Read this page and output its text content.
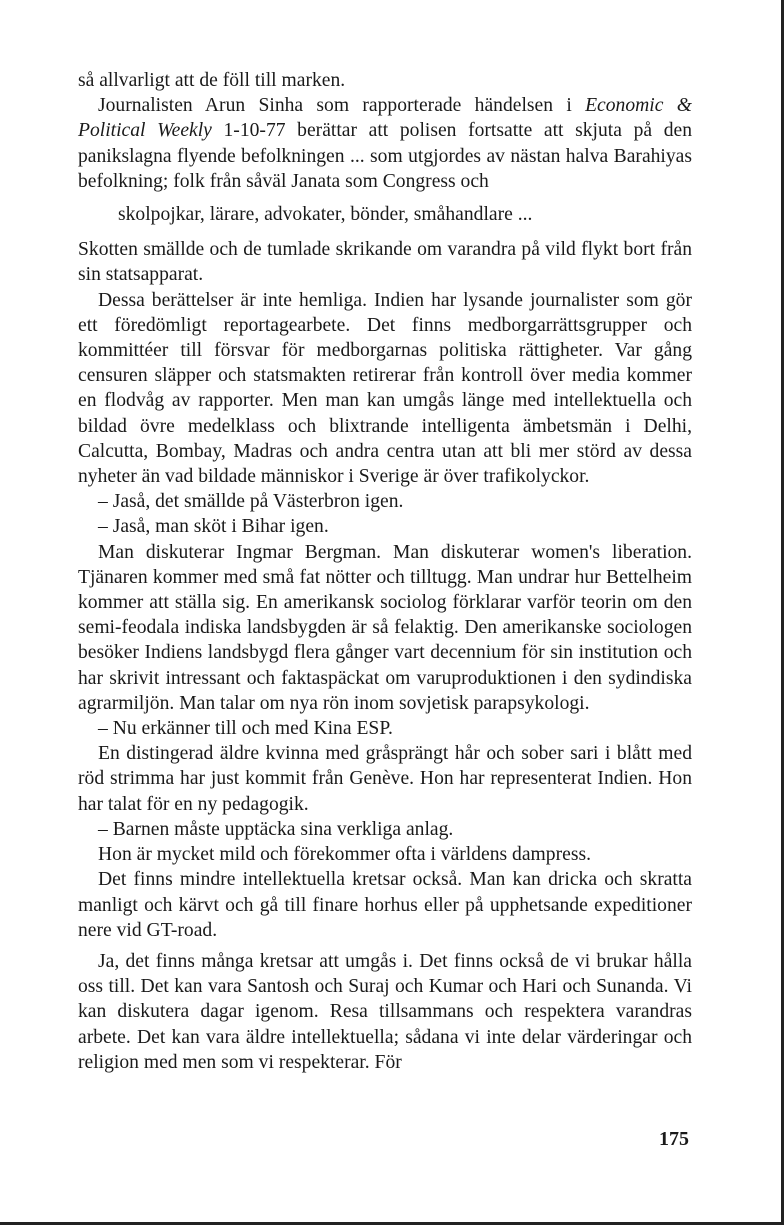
så allvarligt att de föll till marken.

Journalisten Arun Sinha som rapporterade händelsen i Economic & Political Weekly 1-10-77 berättar att polisen fortsatte att skjuta på den panikslagna flyende befolkningen ... som utgjordes av nästan halva Barahiyas befolkning; folk från såväl Janata som Congress och

skolpojkar, lärare, advokater, bönder, småhandlare ...

Skotten smällde och de tumlade skrikande om varandra på vild flykt bort från sin statsapparat.

Dessa berättelser är inte hemliga. Indien har lysande journalister som gör ett föredömligt reportagearbete. Det finns medborgarrättsgrupper och kommittéer till försvar för medborgarnas politiska rättigheter. Var gång censuren släpper och statsmakten retirerar från kontroll över media kommer en flodvåg av rapporter. Men man kan umgås länge med intellektuella och bildad övre medelklass och blixtrande intelligenta ämbetsmän i Delhi, Calcutta, Bombay, Madras och andra centra utan att bli mer störd av dessa nyheter än vad bildade människor i Sverige är över trafikolyckor.

– Jaså, det smällde på Västerbron igen.

– Jaså, man sköt i Bihar igen.

Man diskuterar Ingmar Bergman. Man diskuterar women's liberation. Tjänaren kommer med små fat nötter och tilltugg. Man undrar hur Bettelheim kommer att ställa sig. En amerikansk sociolog förklarar varför teorin om den semi-feodala indiska landsbygden är så felaktig. Den amerikanske sociologen besöker Indiens landsbygd flera gånger vart decennium för sin institution och har skrivit intressant och faktaspäckat om varuproduktionen i den sydindiska agrarmiljön. Man talar om nya rön inom sovjetisk parapsykologi.

– Nu erkänner till och med Kina ESP.

En distingerad äldre kvinna med gråsprängt hår och sober sari i blått med röd strimma har just kommit från Genève. Hon har representerat Indien. Hon har talat för en ny pedagogik.

– Barnen måste upptäcka sina verkliga anlag.

Hon är mycket mild och förekommer ofta i världens dampress.

Det finns mindre intellektuella kretsar också. Man kan dricka och skratta manligt och kärvt och gå till finare horhus eller på upphetsande expeditioner nere vid GT-road.

Ja, det finns många kretsar att umgås i. Det finns också de vi brukar hålla oss till. Det kan vara Santosh och Suraj och Kumar och Hari och Sunanda. Vi kan diskutera dagar igenom. Resa tillsammans och respektera varandras arbete. Det kan vara äldre intellektuella; sådana vi inte delar värderingar och religion med men som vi respekterar. För

175
